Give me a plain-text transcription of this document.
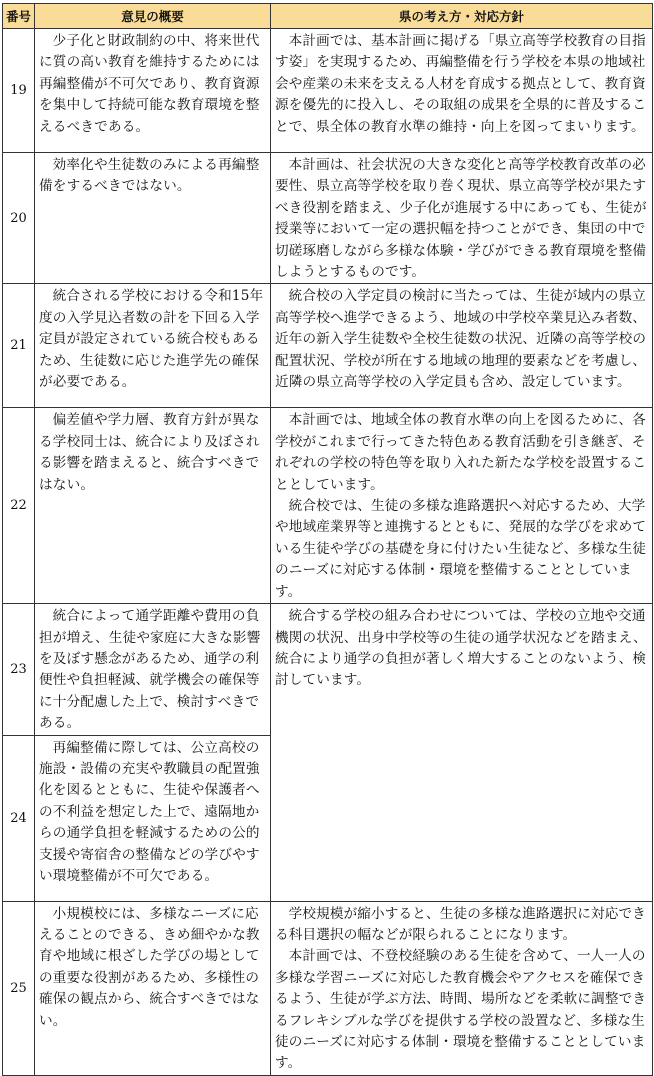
番号	意見の概要	県の考え方・対応方針
19	少子化と財政制約の中、将来世代に質の高い教育を維持するためには再編整備が不可欠であり、教育資源を集中して持続可能な教育環境を整えるべきである。	本計画では、基本計画に掲げる「県立高等学校教育の目指す姿」を実現するため、再編整備を行う学校を本県の地域社会や産業の未来を支える人材を育成する拠点として、教育資源を優先的に投入し、その取組の成果を全県的に普及することで、県全体の教育水準の維持・向上を図ってまいります。

20	効率化や生徒数のみによる再編整備をするべきではない。	本計画は、社会状況の大きな変化と高等学校教育改革の必要性、県立高等学校を取り巻く現状、県立高等学校が果たすべき役割を踏まえ、少子化が進展する中にあっても、生徒が授業等において一定の選択幅を持つことができ、集団の中で切磋琢磨しながら多様な体験・学びができる教育環境を整備しようとするものです。

21	統合される学校における令和15年度の入学見込者数の計を下回る入学定員が設定されている統合校もあるため、生徒数に応じた進学先の確保が必要である。	統合校の入学定員の検討に当たっては、生徒が域内の県立高等学校へ進学できるよう、地域の中学校卒業見込み者数、近年の新入学生徒数や全校生徒数の状況、近隣の高等学校の配置状況、学校が所在する地域の地理的要素などを考慮し、近隣の県立高等学校の入学定員も含め、設定しています。

22	偏差値や学力層、教育方針が異なる学校同士は、統合により及ぼされる影響を踏まえると、統合すべきではない。	本計画では、地域全体の教育水準の向上を図るために、各学校がこれまで行ってきた特色ある教育活動を引き継ぎ、それぞれの学校の特色等を取り入れた新たな学校を設置することとしています。

統合校では、生徒の多様な進路選択へ対応するため、大学や地域産業界等と連携するとともに、発展的な学びを求めている生徒や学びの基礎を身に付けたい生徒など、多様な生徒のニーズに対応する体制・環境を整備することとしています。

23	統合によって通学距離や費用の負担が増え、生徒や家庭に大きな影響を及ぼす懸念があるため、通学の利便性や負担軽減、就学機会の確保等に十分配慮した上で、検討すべきである。	統合する学校の組み合わせについては、学校の立地や交通機関の状況、出身中学校等の生徒の通学状況などを踏まえ、統合により通学の負担が著しく増大することのないよう、検討しています。

24	再編整備に際しては、公立高校の施設・設備の充実や教職員の配置強化を図るとともに、生徒や保護者への不利益を想定した上で、遠隔地からの通学負担を軽減するための公的支援や寄宿舎の整備などの学びやすい環境整備が不可欠である。	

25	小規模校には、多様なニーズに応えることのできる、きめ細やかな教育や地域に根ざした学びの場としての重要な役割があるため、多様性の確保の観点から、統合すべきではない。	学校規模が縮小すると、生徒の多様な進路選択に対応できる科目選択の幅などが限られることになります。

本計画では、不登校経験のある生徒を含めて、一人一人の多様な学習ニーズに対応した教育機会やアクセスを確保できるよう、生徒が学ぶ方法、時間、場所などを柔軟に調整できるフレキシブルな学びを提供する学校の設置など、多様な生徒のニーズに対応する体制・環境を整備することとしています。
